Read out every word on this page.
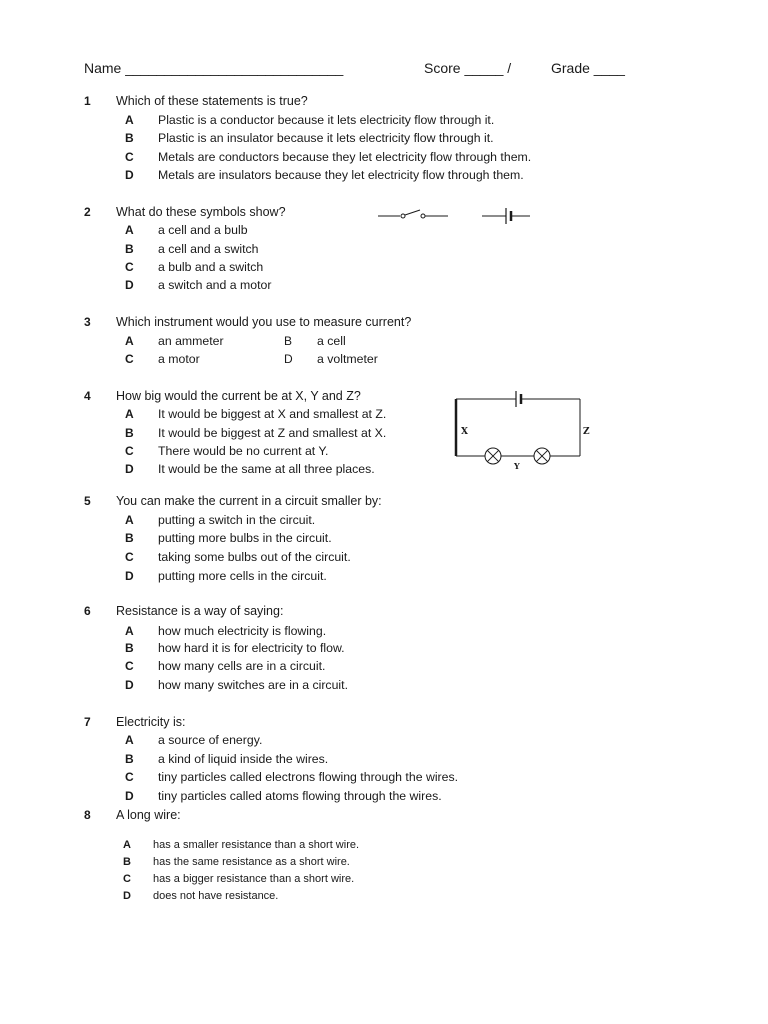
Name ____________________________	Score _____ /	Grade ____
1 Which of these statements is true?
A Plastic is a conductor because it lets electricity flow through it.
B Plastic is an insulator because it lets electricity flow through it.
C Metals are conductors because they let electricity flow through them.
D Metals are insulators because they let electricity flow through them.
2 What do these symbols show?
A a cell and a bulb
B a cell and a switch
C a bulb and a switch
D a switch and a motor
3 Which instrument would you use to measure current?
A an ammeter	B a cell
C a motor	D a voltmeter
4 How big would the current be at X, Y and Z?
A It would be biggest at X and smallest at Z.
B It would be biggest at Z and smallest at X.
C There would be no current at Y.
D It would be the same at all three places.
X	Z
Y
5 You can make the current in a circuit smaller by:
A putting a switch in the circuit.
B putting more bulbs in the circuit.
C taking some bulbs out of the circuit.
D putting more cells in the circuit.
6 Resistance is a way of saying:
A how much electricity is flowing.
B how hard it is for electricity to flow.
C how many cells are in a circuit.
D how many switches are in a circuit.
7 Electricity is:
A a source of energy.
B a kind of liquid inside the wires.
C tiny particles called electrons flowing through the wires.
D tiny particles called atoms flowing through the wires.
8 A long wire:
A has a smaller resistance than a short wire.
B has the same resistance as a short wire.
C has a bigger resistance than a short wire.
D does not have resistance.
